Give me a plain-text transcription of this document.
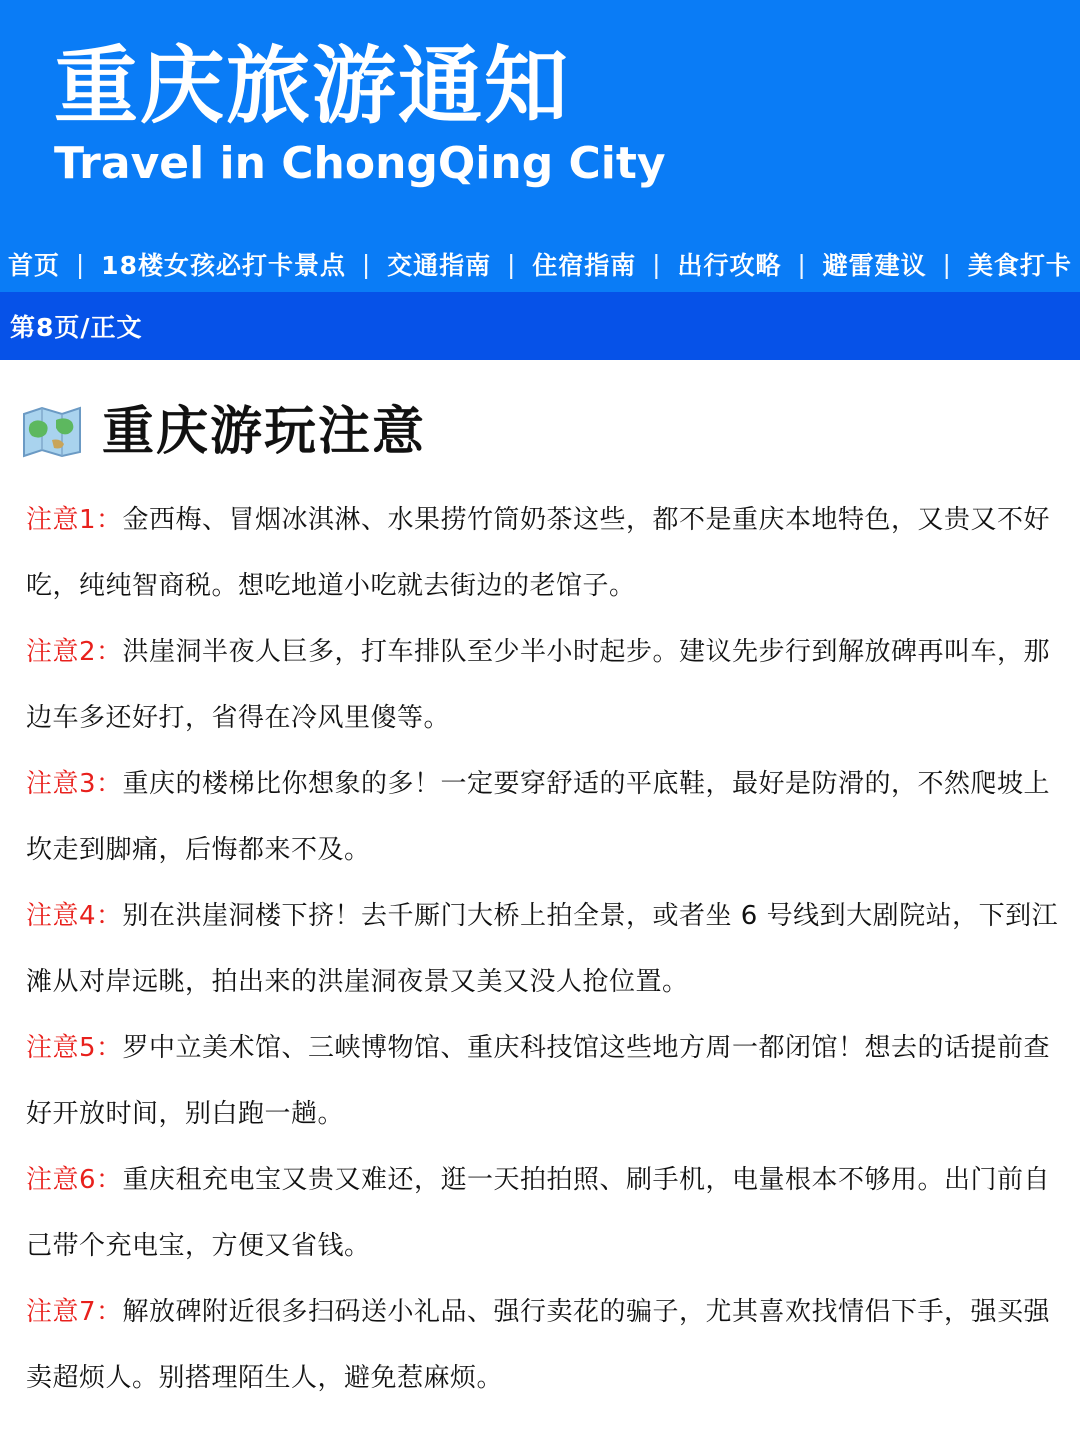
重庆旅游通知
Travel in ChongQing City
首页 | 18楼女孩必打卡景点 | 交通指南 | 住宿指南 | 出行攻略 | 避雷建议 | 美食打卡
第8页/正文
重庆游玩注意

注意1：金西梅、冒烟冰淇淋、水果捞竹筒奶茶这些，都不是重庆本地特色，又贵又不好吃，纯纯智商税。想吃地道小吃就去街边的老馆子。

注意2：洪崖洞半夜人巨多，打车排队至少半小时起步。建议先步行到解放碑再叫车，那边车多还好打，省得在冷风里傻等。

注意3：重庆的楼梯比你想象的多！一定要穿舒适的平底鞋，最好是防滑的，不然爬坡上坎走到脚痛，后悔都来不及。

注意4：别在洪崖洞楼下挤！去千厮门大桥上拍全景，或者坐 6 号线到大剧院站，下到江滩从对岸远眺，拍出来的洪崖洞夜景又美又没人抢位置。

注意5：罗中立美术馆、三峡博物馆、重庆科技馆这些地方周一都闭馆！想去的话提前查好开放时间，别白跑一趟。

注意6：重庆租充电宝又贵又难还，逛一天拍拍照、刷手机，电量根本不够用。出门前自己带个充电宝，方便又省钱。

注意7：解放碑附近很多扫码送小礼品、强行卖花的骗子，尤其喜欢找情侣下手，强买强卖超烦人。别搭理陌生人，避免惹麻烦。
